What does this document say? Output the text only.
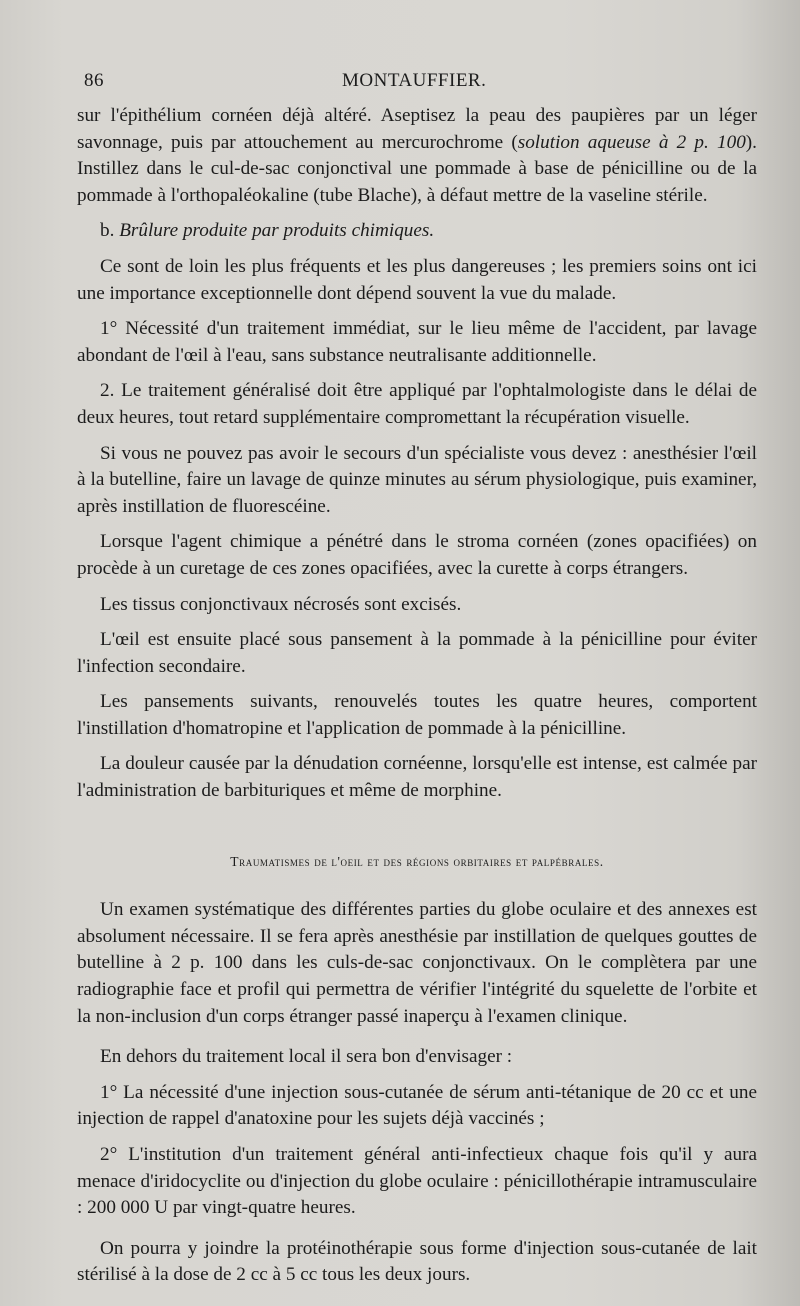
86	MONTAUFFIER.

sur l'épithélium cornéen déjà altéré. Aseptisez la peau des paupières par un léger savonnage, puis par attouchement au mercurochrome (solution aqueuse à 2 p. 100). Instillez dans le cul-de-sac conjonctival une pommade à base de pénicilline ou de la pommade à l'orthopaléokaline (tube Blache), à défaut mettre de la vaseline stérile.

b. Brûlure produite par produits chimiques.

Ce sont de loin les plus fréquents et les plus dangereuses ; les premiers soins ont ici une importance exceptionnelle dont dépend souvent la vue du malade.

1° Nécessité d'un traitement immédiat, sur le lieu même de l'accident, par lavage abondant de l'œil à l'eau, sans substance neutralisante additionnelle.

2. Le traitement généralisé doit être appliqué par l'ophtalmologiste dans le délai de deux heures, tout retard supplémentaire compromettant la récupération visuelle.

Si vous ne pouvez pas avoir le secours d'un spécialiste vous devez : anesthésier l'œil à la butelline, faire un lavage de quinze minutes au sérum physiologique, puis examiner, après instillation de fluorescéine.

Lorsque l'agent chimique a pénétré dans le stroma cornéen (zones opacifiées) on procède à un curetage de ces zones opacifiées, avec la curette à corps étrangers.

Les tissus conjonctivaux nécrosés sont excisés.

L'œil est ensuite placé sous pansement à la pommade à la pénicilline pour éviter l'infection secondaire.

Les pansements suivants, renouvelés toutes les quatre heures, comportent l'instillation d'homatropine et l'application de pommade à la pénicilline.

La douleur causée par la dénudation cornéenne, lorsqu'elle est intense, est calmée par l'administration de barbituriques et même de morphine.

Traumatismes de l'oeil et des régions orbitaires et palpébrales.

Un examen systématique des différentes parties du globe oculaire et des annexes est absolument nécessaire. Il se fera après anesthésie par instillation de quelques gouttes de butelline à 2 p. 100 dans les culs-de-sac conjonctivaux. On le complètera par une radiographie face et profil qui permettra de vérifier l'intégrité du squelette de l'orbite et la non-inclusion d'un corps étranger passé inaperçu à l'examen clinique.

En dehors du traitement local il sera bon d'envisager :

1° La nécessité d'une injection sous-cutanée de sérum anti-tétanique de 20 cc et une injection de rappel d'anatoxine pour les sujets déjà vaccinés ;

2° L'institution d'un traitement général anti-infectieux chaque fois qu'il y aura menace d'iridocyclite ou d'injection du globe oculaire : pénicillothérapie intramusculaire : 200 000 U par vingt-quatre heures.

On pourra y joindre la protéinothérapie sous forme d'injection sous-cutanée de lait stérilisé à la dose de 2 cc à 5 cc tous les deux jours.
